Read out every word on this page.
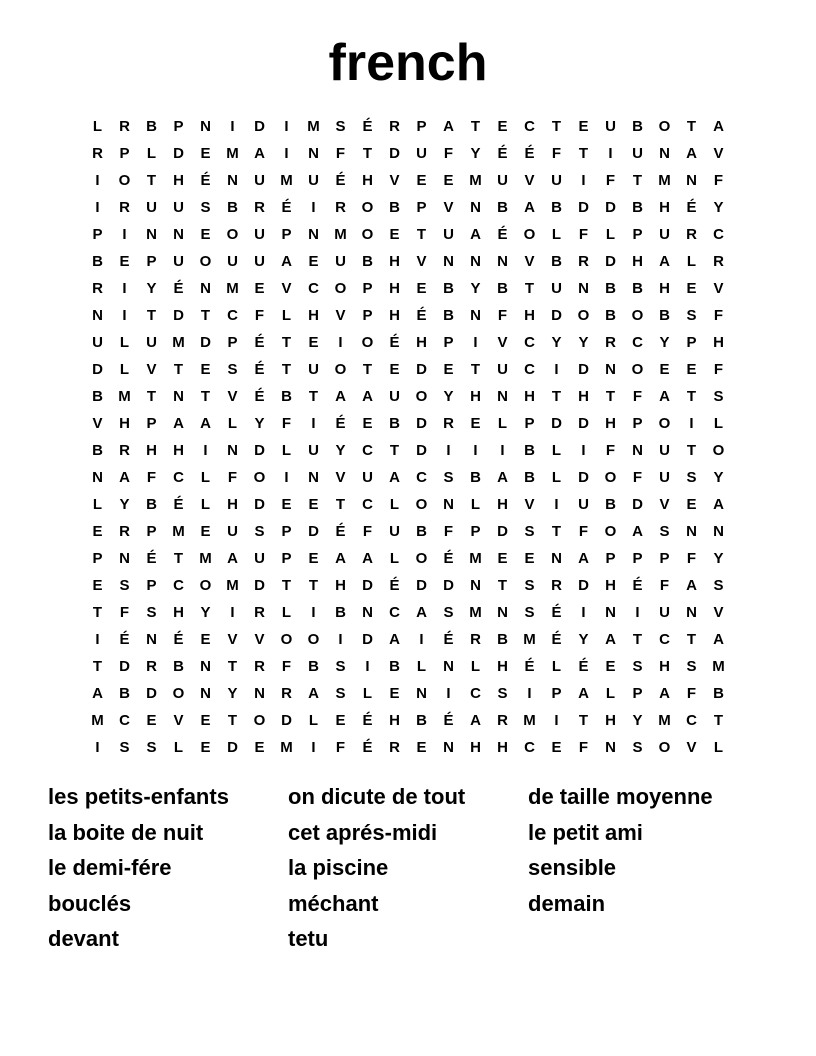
french
L	R	B	P	N	I	D	I	M	S	É	R	P	A	T	E	C	T	E	U	B	O	T	A
R	P	L	D	E	M	A	I	N	F	T	D	U	F	Y	É	É	F	T	I	U	N	A	V
I	O	T	H	É	N	U	M	U	É	H	V	E	E	M	U	V	U	I	F	T	M	N	F
I	R	U	U	S	B	R	É	I	R	O	B	P	V	N	B	A	B	D	D	B	H	É	Y
P	I	N	N	E	O	U	P	N	M O	E	T	U	A	É	O	L	F	L	P	U	R	C
B	E	P	U	O	U	U	A	E	U	B	H	V	N	N	N	V	B	R	D	H	A	L	R
R	I	Y	É	N	M	E	V	C	O	P	H	E	B	Y	B	T	U	N	B	B	H	E	V
N	I	T	D	T	C	F	L	H	V	P	H	É	B	N	F	H	D	O	B	O	B	S	F
U	L	U	M	D	P	É	T	E	I	O	É	H	P	I	V	C	Y	Y	R	C	Y	P	H
D	L	V	T	E	S	É	T	U	O	T	E	D	E	T	U	C	I	D	N	O	E	E	F
B	M	T	N	T	V	É	B	T	A	A	U	O	Y	H	N	H	T	H	T	F	A	T	S
V	H	P	A	A	L	Y	F	I	É	E	B	D	R	E	L	P	D	D	H	P	O	I	L
B	R	H	H	I	N	D	L	U	Y	C	T	D	I	I	I	B	L	I	F	N	U	T	O
N	A	F	C	L	F	O	I	N	V	U	A	C	S	B	A	B	L	D	O	F	U	S	Y
L	Y	B	É	L	H	D	E	E	T	C	L	O	N	L	H	V	I	U	B	D	V	E	A
E	R	P	M	E	U	S	P	D	É	F	U	B	F	P	D	S	T	F	O	A	S	N	N
P	N	É	T	M	A	U	P	E	A	A	L	O	É	M	E	E	N	A	P	P	P	F	Y
E	S	P	C	O M	D	T	T	H	D	É	D	D	N	T	S	R	D	H	É	F	A	S
T	F	S	H	Y	I	R	L	I	B	N	C	A	S	M	N	S	É	I	N	I	U	N	V
I	É	N	É	E	V	V	O	O	I	D	A	I	É	R	B	M	É	Y	A	T	C	T	A
T	D	R	B	N	T	R	F	B	S	I	B	L	N	L	H	É	L	É	E	S	H	S	M
A	B	D	O	N	Y	N	R	A	S	L	E	N	I	C	S	I	P	A	L	P	A	F	B
M	C	E	V	E	T	O	D	L	E	É	H	B	É	A	R	M	I	T	H	Y	M	C	T
I	S	S	L	E	D	E	M	I	F	É	R	E	N	H	H	C	E	F	N	S	O	V	L
les petits-enfants
la boite de nuit
le demi-fére
bouclés
devant
on dicute de tout
cet aprés-midi
la piscine
méchant
tetu
de taille moyenne
le petit ami
sensible
demain
